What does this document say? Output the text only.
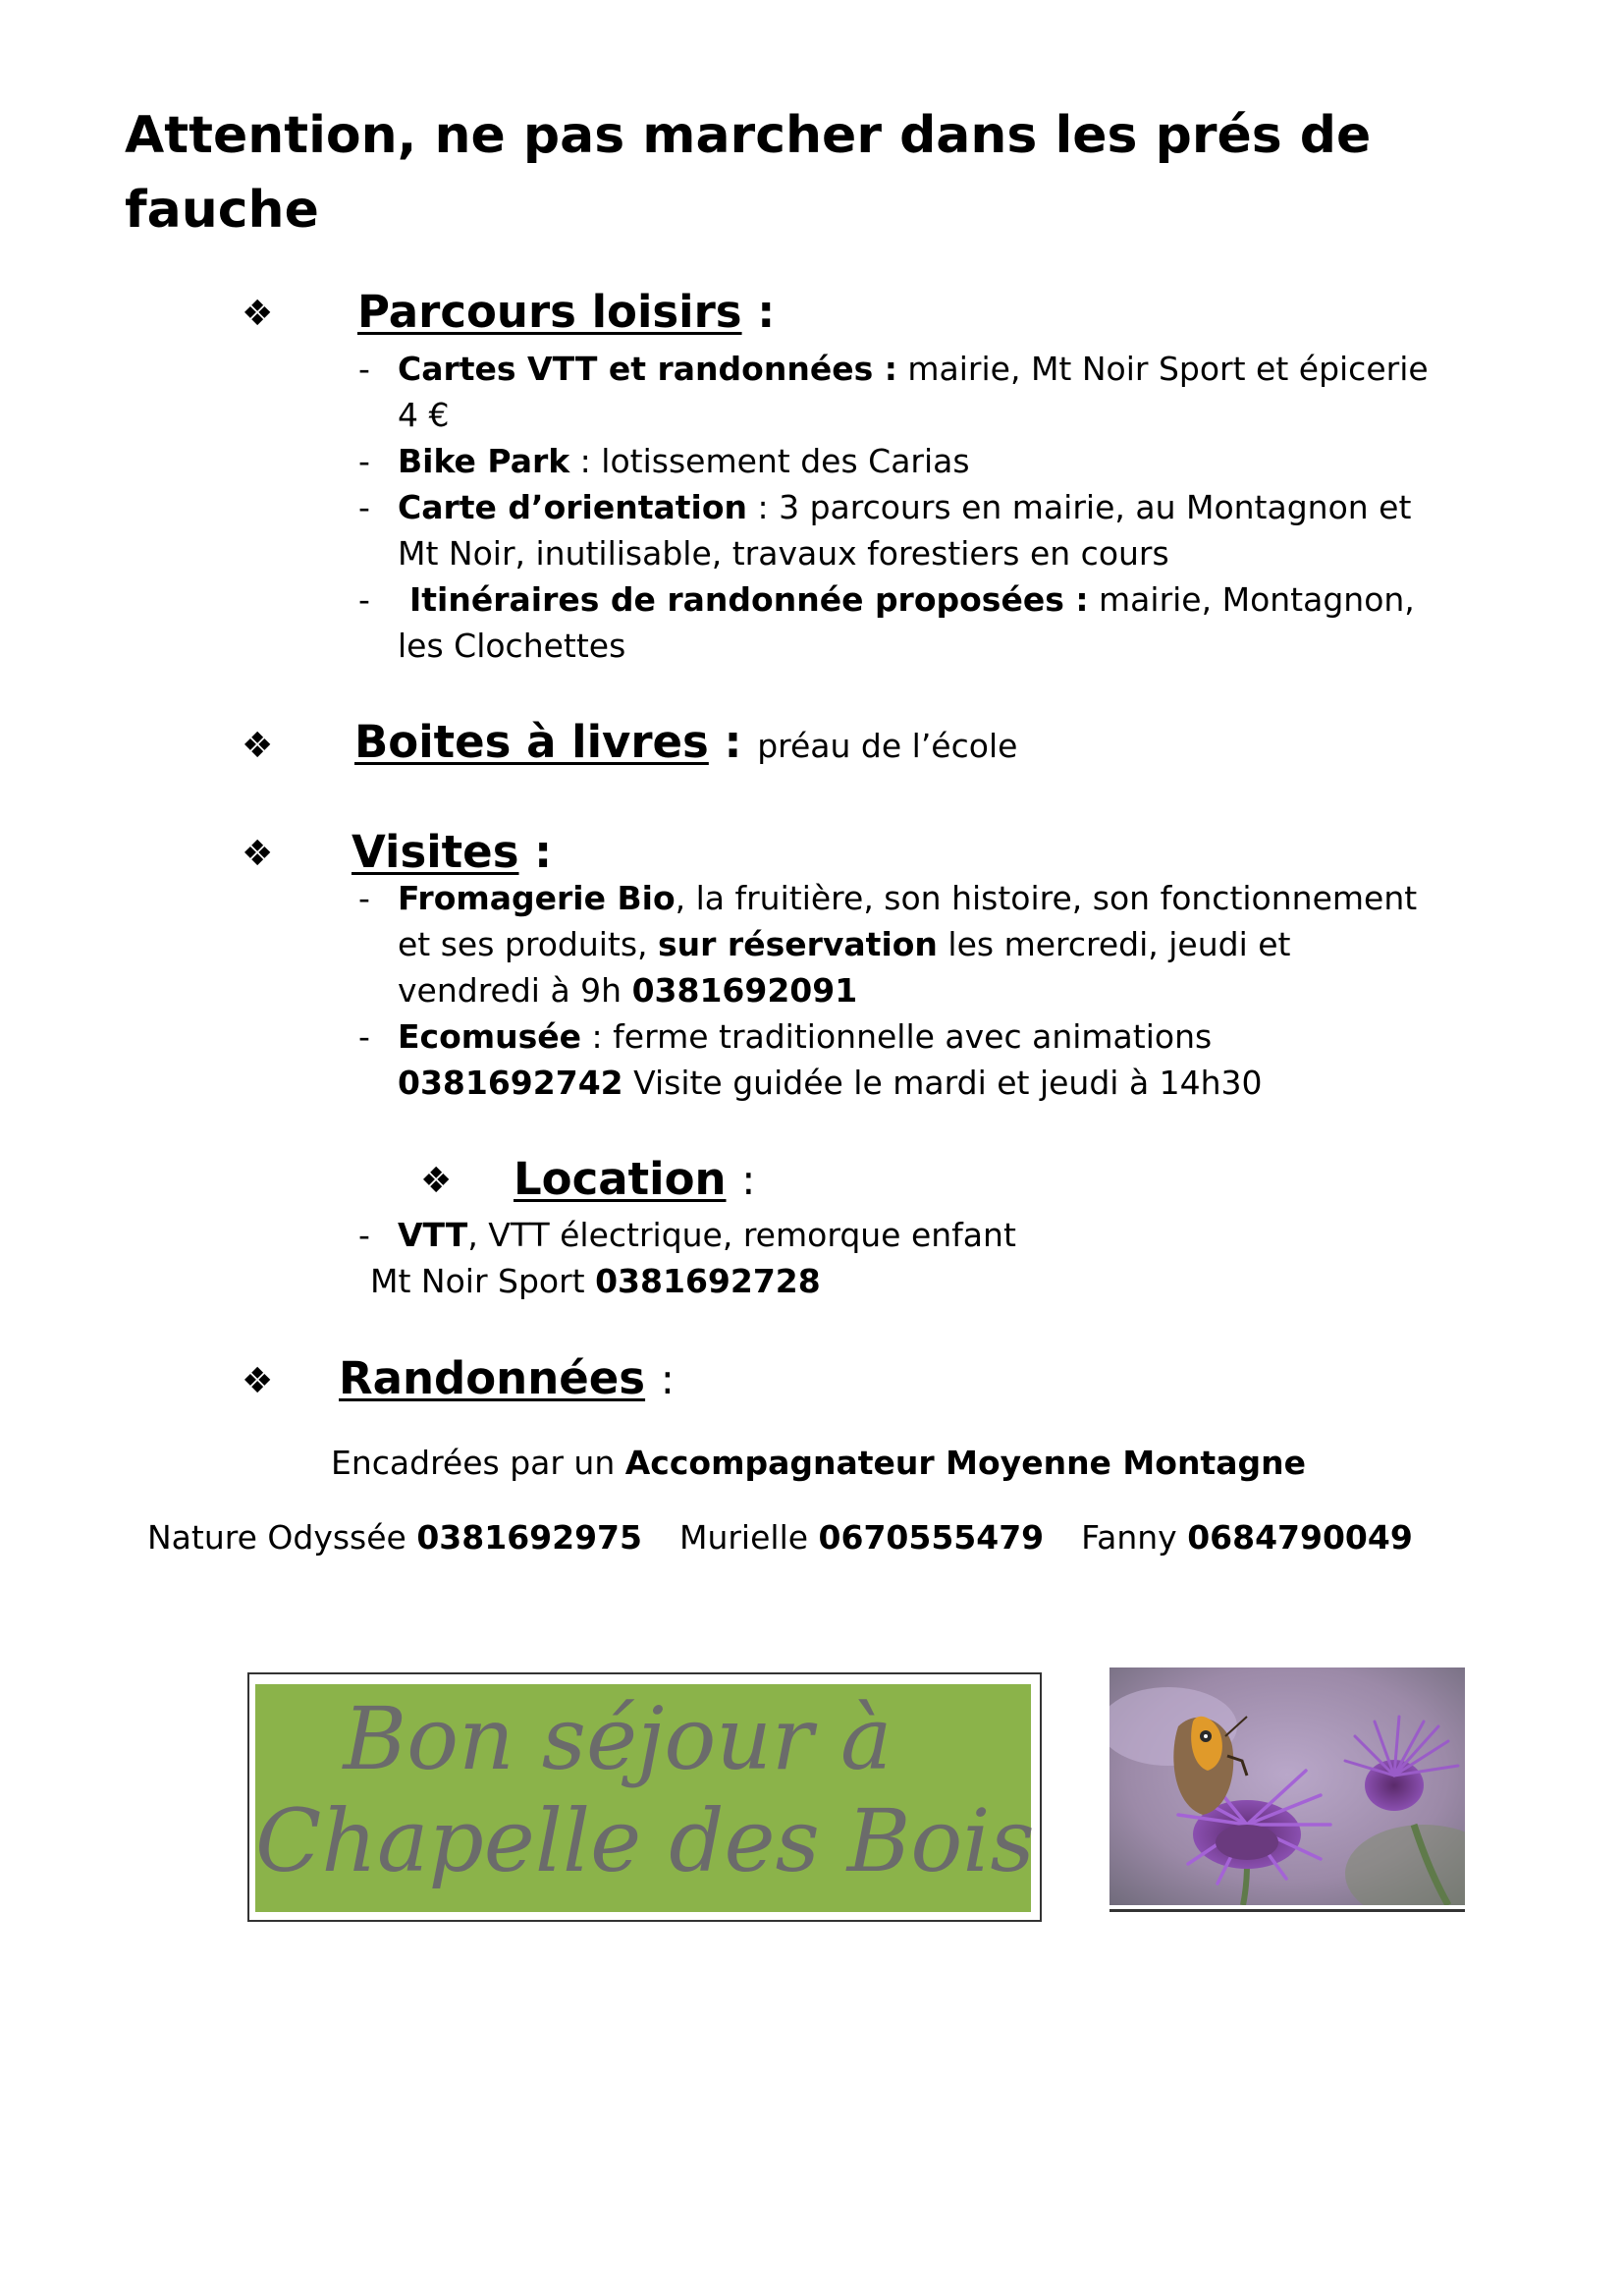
Attention, ne pas marcher dans les prés de fauche
❖ Parcours loisirs :
- Cartes VTT et randonnées : mairie, Mt Noir Sport et épicerie
4 €
- Bike Park : lotissement des Carias
- Carte d’orientation : 3 parcours en mairie, au Montagnon et
Mt Noir, inutilisable, travaux forestiers en cours
- Itinéraires de randonnée proposées : mairie, Montagnon,
les Clochettes
❖ Boites à livres : préau de l’école
❖ Visites :
- Fromagerie Bio, la fruitière, son histoire, son fonctionnement
et ses produits, sur réservation les mercredi, jeudi et
vendredi à 9h 0381692091
- Ecomusée : ferme traditionnelle avec animations
0381692742 Visite guidée le mardi et jeudi à 14h30
❖ Location :
- VTT, VTT électrique, remorque enfant
Mt Noir Sport 0381692728
❖ Randonnées :
Encadrées par un Accompagnateur Moyenne Montagne
Nature Odyssée 0381692975 Murielle 0670555479 Fanny 0684790049
Bon séjour à
Chapelle des Bois
